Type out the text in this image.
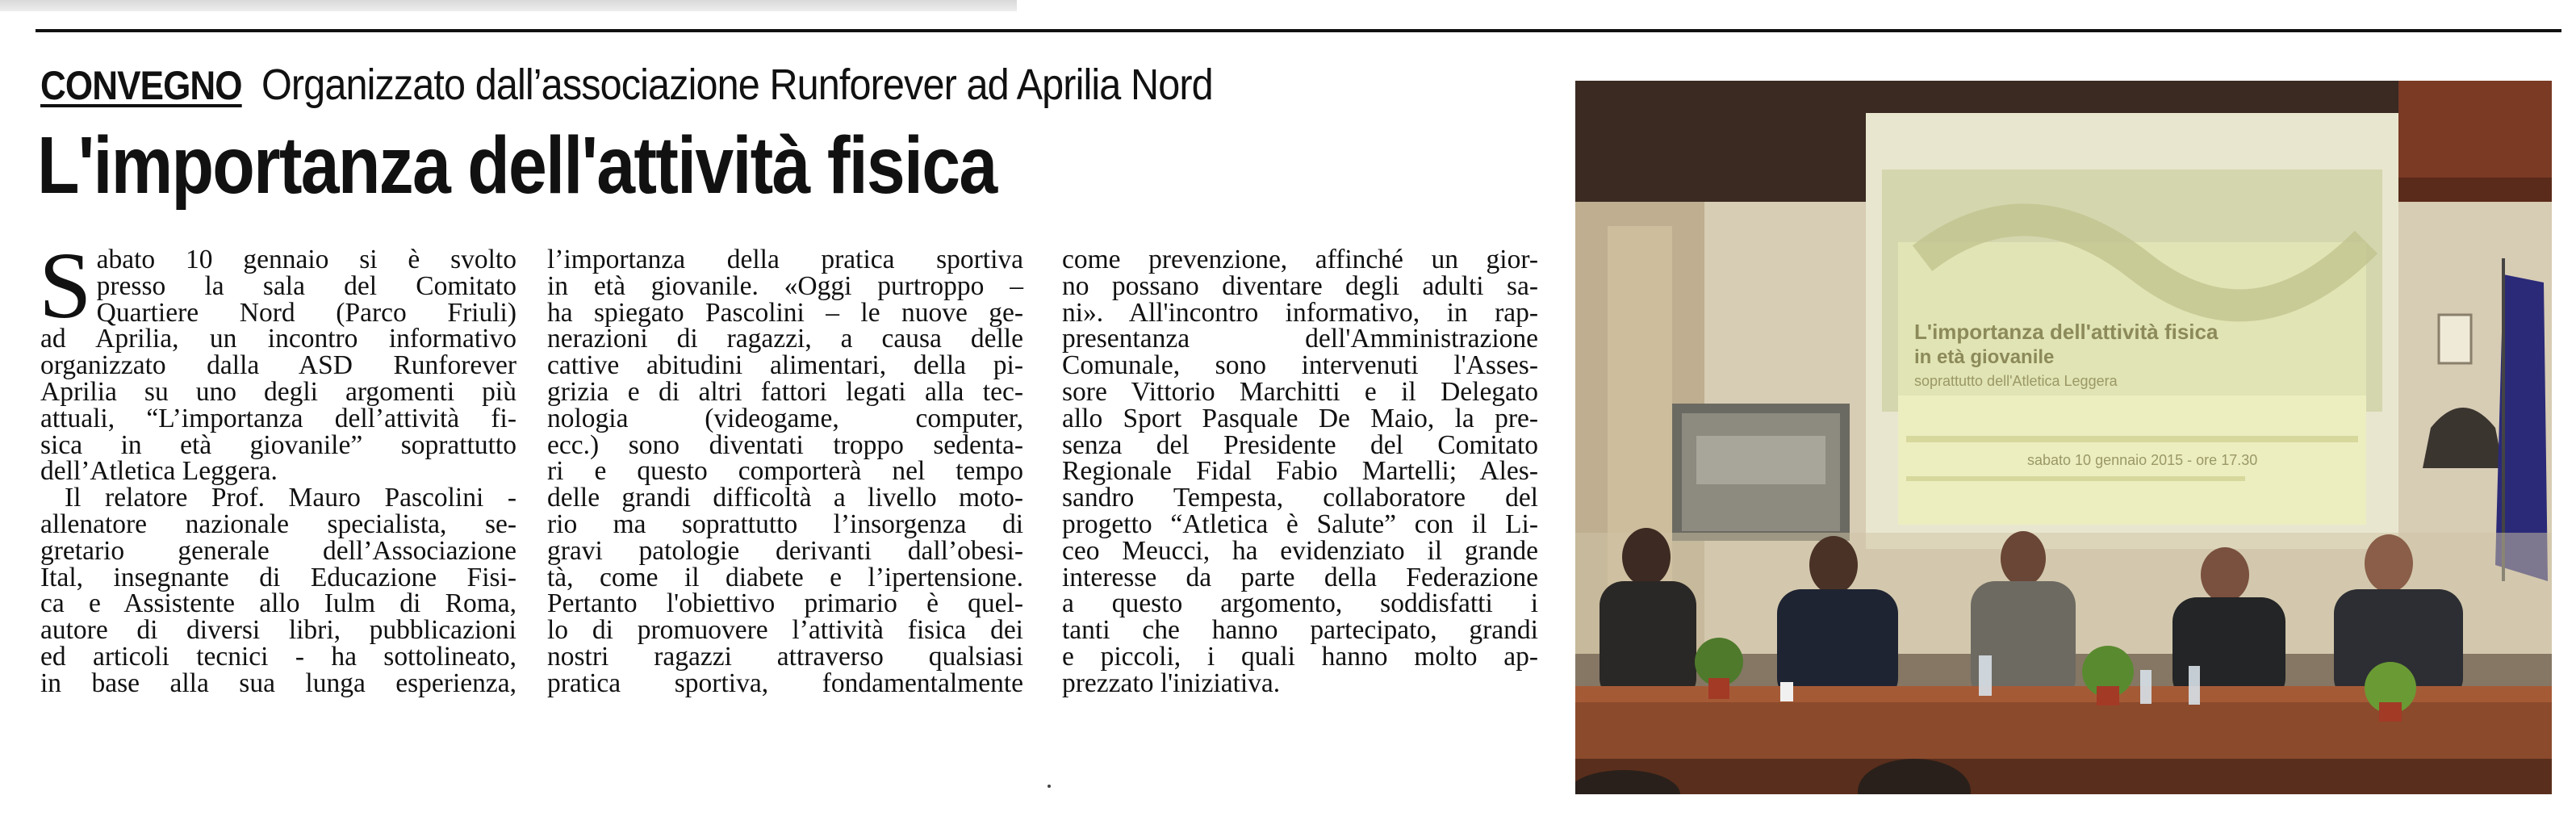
CONVEGNO Organizzato dall’associazione Runforever ad Aprilia Nord
L'importanza dell'attività fisica
S abato 10 gennaio si è svolto
presso la sala del Comitato
Quartiere Nord (Parco Friuli)
ad Aprilia, un incontro informativo
organizzato dalla ASD Runforever
Aprilia su uno degli argomenti più
attuali, “L’importanza dell’attività fi-
sica in età giovanile” soprattutto
dell’Atletica Leggera.
Il relatore Prof. Mauro Pascolini -
allenatore nazionale specialista, se-
gretario generale dell’Associazione
Ital, insegnante di Educazione Fisi-
ca e Assistente allo Iulm di Roma,
autore di diversi libri, pubblicazioni
ed articoli tecnici - ha sottolineato,
in base alla sua lunga esperienza,
l’importanza della pratica sportiva
in età giovanile. «Oggi purtroppo –
ha spiegato Pascolini – le nuove ge-
nerazioni di ragazzi, a causa delle
cattive abitudini alimentari, della pi-
grizia e di altri fattori legati alla tec-
nologia (videogame, computer,
ecc.) sono diventati troppo sedenta-
ri e questo comporterà nel tempo
delle grandi difficoltà a livello moto-
rio ma soprattutto l’insorgenza di
gravi patologie derivanti dall’obesi-
tà, come il diabete e l’ipertensione.
Pertanto l'obiettivo primario è quel-
lo di promuovere l’attività fisica dei
nostri ragazzi attraverso qualsiasi
pratica sportiva, fondamentalmente
come prevenzione, affinché un gior-
no possano diventare degli adulti sa-
ni». All'incontro informativo, in rap-
presentanza dell'Amministrazione
Comunale, sono intervenuti l'Asses-
sore Vittorio Marchitti e il Delegato
allo Sport Pasquale De Maio, la pre-
senza del Presidente del Comitato
Regionale Fidal Fabio Martelli; Ales-
sandro Tempesta, collaboratore del
progetto “Atletica è Salute” con il Li-
ceo Meucci, ha evidenziato il grande
interesse da parte della Federazione
a questo argomento, soddisfatti i
tanti che hanno partecipato, grandi
e piccoli, i quali hanno molto ap-
prezzato l'iniziativa.
L'importanza dell'attività fisica
in età giovanile
soprattutto dell'Atletica Leggera
sabato 10 gennaio 2015 - ore 17.30
